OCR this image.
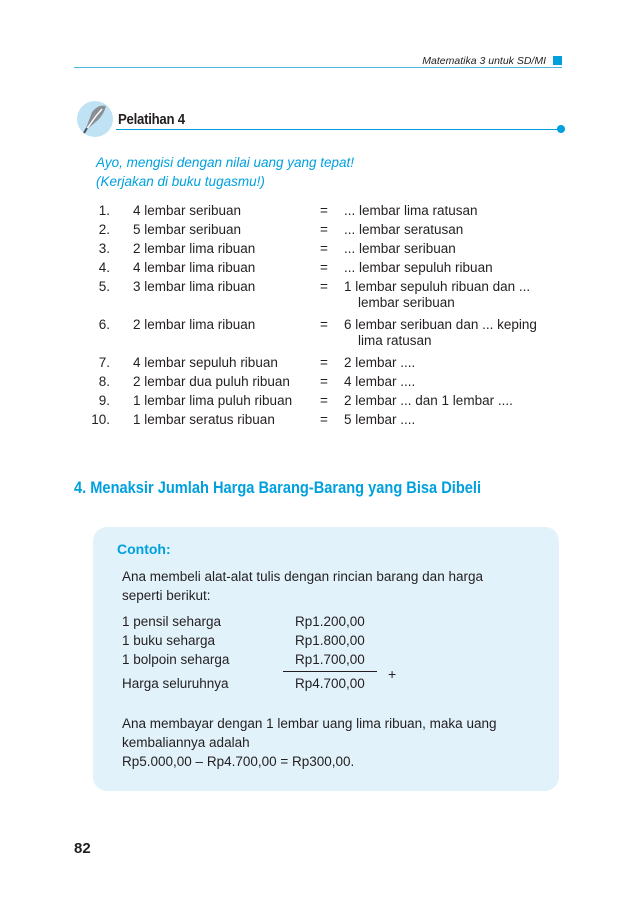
Matematika 3 untuk SD/MI
Pelatihan 4
Ayo, mengisi dengan nilai uang yang tepat!
(Kerjakan di buku tugasmu!)
1. 4 lembar seribuan	= ... lembar lima ratusan
2. 5 lembar seribuan	= ... lembar seratusan
3. 2 lembar lima ribuan	= ... lembar seribuan
4. 4 lembar lima ribuan	= ... lembar sepuluh ribuan
5. 3 lembar lima ribuan	= 1 lembar sepuluh ribuan dan ...
lembar seribuan
6. 2 lembar lima ribuan	= 6 lembar seribuan dan ... keping
lima ratusan
7. 4 lembar sepuluh ribuan	= 2 lembar ....
8. 2 lembar dua puluh ribuan = 4 lembar ....
9. 1 lembar lima puluh ribuan = 2 lembar ... dan 1 lembar ....
10. 1 lembar seratus ribuan	= 5 lembar ....
4. Menaksir Jumlah Harga Barang-Barang yang Bisa Dibeli
Contoh:
Ana membeli alat-alat tulis dengan rincian barang dan harga
seperti berikut:
1 pensil seharga	Rp1.200,00
1 buku seharga	Rp1.800,00
1 bolpoin seharga	Rp1.700,00
+
Harga seluruhnya	Rp4.700,00
Ana membayar dengan 1 lembar uang lima ribuan, maka uang
kembaliannya adalah
Rp5.000,00 – Rp4.700,00 = Rp300,00.
82
